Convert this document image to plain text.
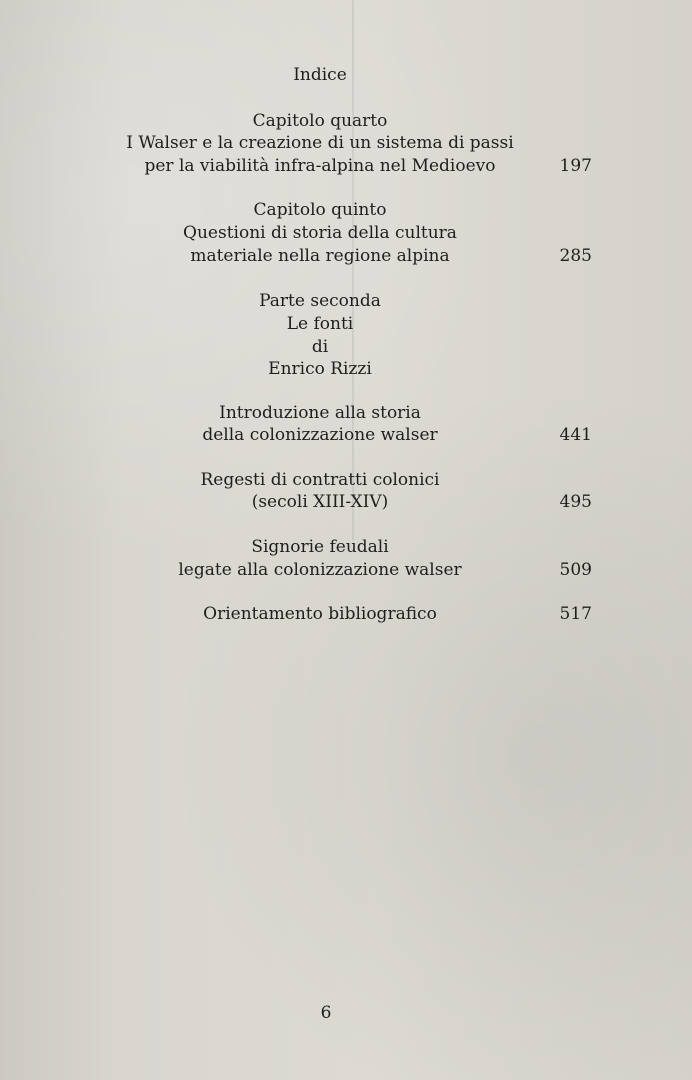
Indice
Capitolo quarto
I Walser e la creazione di un sistema di passi
per la viabilità infra-alpina nel Medioevo	197
Capitolo quinto
Questioni di storia della cultura
materiale nella regione alpina	285
Parte seconda
Le fonti
di
Enrico Rizzi
Introduzione alla storia
della colonizzazione walser	441
Regesti di contratti colonici
(secoli XIII-XIV)	495
Signorie feudali
legate alla colonizzazione walser	509
Orientamento bibliografico	517
6
